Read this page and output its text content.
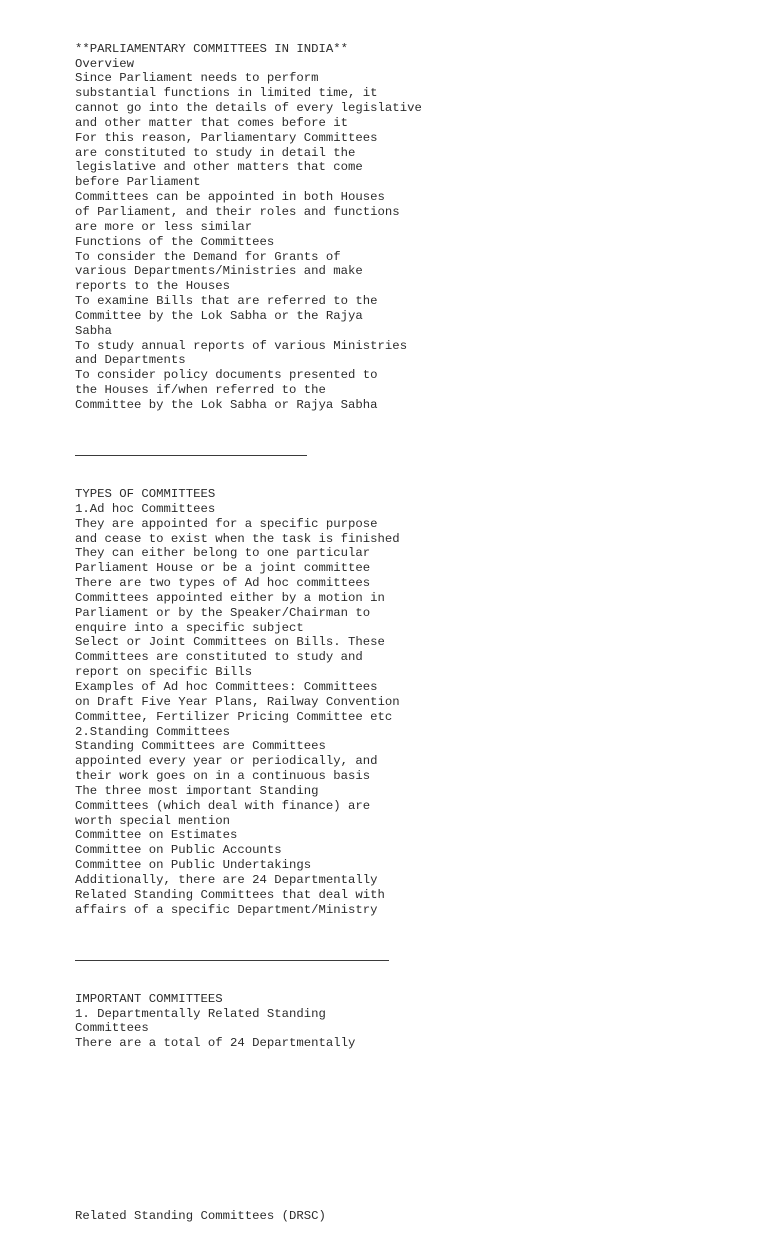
**PARLIAMENTARY COMMITTEES IN INDIA**
Overview
Since Parliament needs to perform
substantial functions in limited time, it
cannot go into the details of every legislative
and other matter that comes before it
For this reason, Parliamentary Committees
are constituted to study in detail the
legislative and other matters that come
before Parliament
Committees can be appointed in both Houses
of Parliament, and their roles and functions
are more or less similar
Functions of the Committees
To consider the Demand for Grants of
various Departments/Ministries and make
reports to the Houses
To examine Bills that are referred to the
Committee by the Lok Sabha or the Rajya
Sabha
To study annual reports of various Ministries
and Departments
To consider policy documents presented to
the Houses if/when referred to the
Committee by the Lok Sabha or Rajya Sabha

TYPES OF COMMITTEES
1.Ad hoc Committees
They are appointed for a specific purpose
and cease to exist when the task is finished
They can either belong to one particular
Parliament House or be a joint committee
There are two types of Ad hoc committees
Committees appointed either by a motion in
Parliament or by the Speaker/Chairman to
enquire into a specific subject
Select or Joint Committees on Bills. These
Committees are constituted to study and
report on specific Bills
Examples of Ad hoc Committees: Committees
on Draft Five Year Plans, Railway Convention
Committee, Fertilizer Pricing Committee etc
2.Standing Committees
Standing Committees are Committees
appointed every year or periodically, and
their work goes on in a continuous basis
The three most important Standing
Committees (which deal with finance) are
worth special mention
Committee on Estimates
Committee on Public Accounts
Committee on Public Undertakings
Additionally, there are 24 Departmentally
Related Standing Committees that deal with
affairs of a specific Department/Ministry

IMPORTANT COMMITTEES
1. Departmentally Related Standing
Committees
There are a total of 24 Departmentally

Related Standing Committees (DRSC)
